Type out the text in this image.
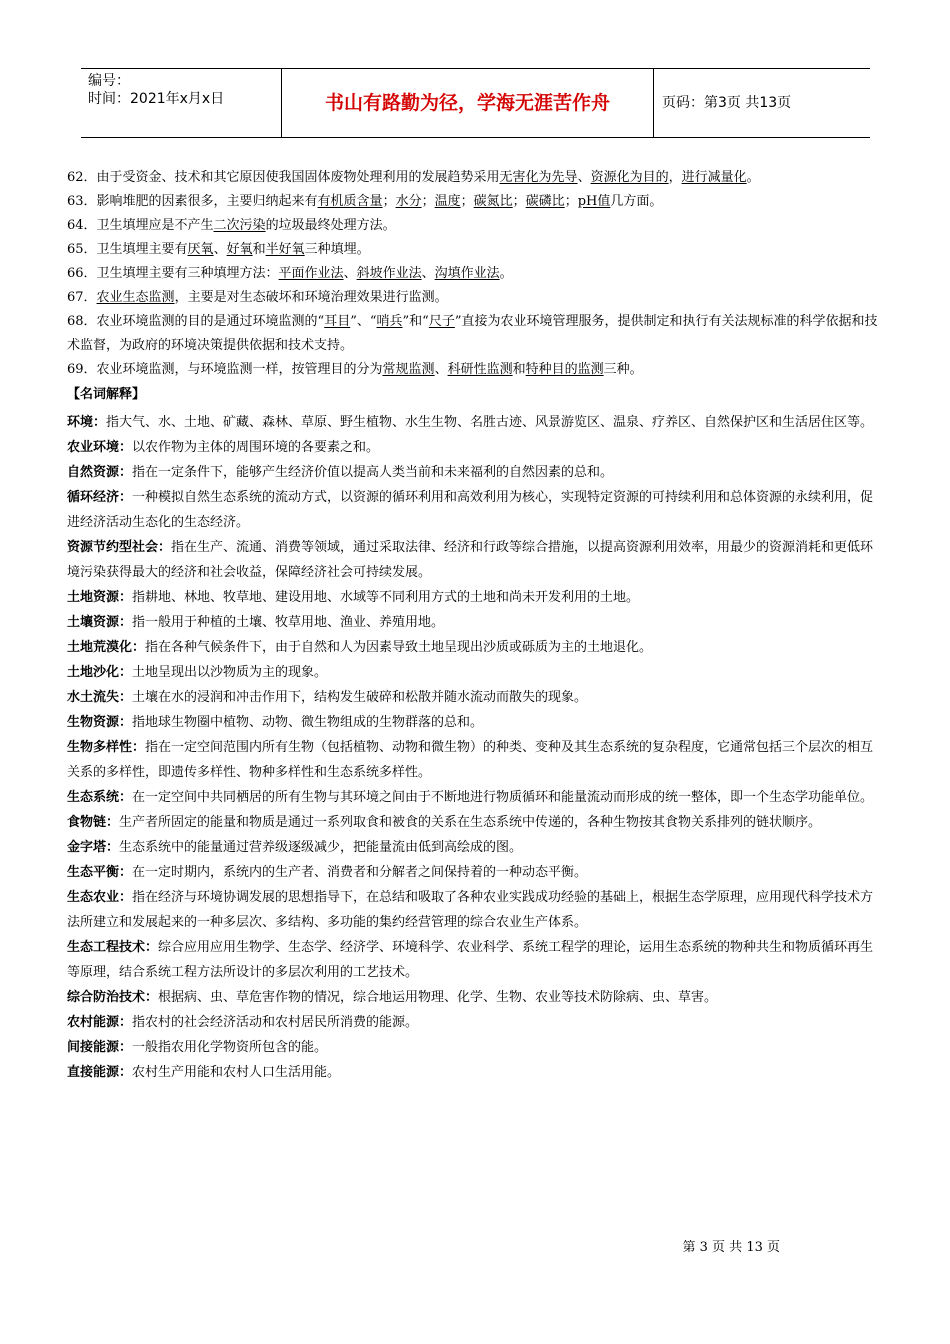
编号：
时间：2021年x月x日	书山有路勤为径，学海无涯苦作舟	页码：第3页 共13页

62．由于受资金、技术和其它原因使我国固体废物处理利用的发展趋势采用无害化为先导、资源化为目的，进行减量化。

63．影响堆肥的因素很多，主要归纳起来有有机质含量；水分；温度；碳氮比；碳磷比；pH值几方面。

64．卫生填埋应是不产生二次污染的垃圾最终处理方法。

65．卫生填埋主要有厌氧、好氧和半好氧三种填埋。

66．卫生填埋主要有三种填埋方法：平面作业法、斜坡作业法、沟填作业法。

67．农业生态监测，主要是对生态破坏和环境治理效果进行监测。

68．农业环境监测的目的是通过环境监测的“耳目”、“哨兵”和“尺子”直接为农业环境管理服务，提供制定和执行有关法规标准的科学依据和技术监督，为政府的环境决策提供依据和技术支持。

69．农业环境监测，与环境监测一样，按管理目的分为常规监测、科研性监测和特种目的监测三种。

【名词解释】

环境：指大气、水、土地、矿藏、森林、草原、野生植物、水生生物、名胜古迹、风景游览区、温泉、疗养区、自然保护区和生活居住区等。

农业环境：以农作物为主体的周围环境的各要素之和。

自然资源：指在一定条件下，能够产生经济价值以提高人类当前和未来福利的自然因素的总和。

循环经济：一种模拟自然生态系统的流动方式，以资源的循环利用和高效利用为核心，实现特定资源的可持续利用和总体资源的永续利用，促进经济活动生态化的生态经济。

资源节约型社会：指在生产、流通、消费等领域，通过采取法律、经济和行政等综合措施，以提高资源利用效率，用最少的资源消耗和更低环境污染获得最大的经济和社会收益，保障经济社会可持续发展。

土地资源：指耕地、林地、牧草地、建设用地、水域等不同利用方式的土地和尚未开发利用的土地。

土壤资源：指一般用于种植的土壤、牧草用地、渔业、养殖用地。

土地荒漠化：指在各种气候条件下，由于自然和人为因素导致土地呈现出沙质或砾质为主的土地退化。

土地沙化：土地呈现出以沙物质为主的现象。

水土流失：土壤在水的浸润和冲击作用下，结构发生破碎和松散并随水流动而散失的现象。

生物资源：指地球生物圈中植物、动物、微生物组成的生物群落的总和。

生物多样性：指在一定空间范围内所有生物（包括植物、动物和微生物）的种类、变种及其生态系统的复杂程度，它通常包括三个层次的相互关系的多样性，即遗传多样性、物种多样性和生态系统多样性。

生态系统：在一定空间中共同栖居的所有生物与其环境之间由于不断地进行物质循环和能量流动而形成的统一整体，即一个生态学功能单位。

食物链：生产者所固定的能量和物质是通过一系列取食和被食的关系在生态系统中传递的，各种生物按其食物关系排列的链状顺序。

金字塔：生态系统中的能量通过营养级逐级减少，把能量流由低到高绘成的图。

生态平衡：在一定时期内，系统内的生产者、消费者和分解者之间保持着的一种动态平衡。

生态农业：指在经济与环境协调发展的思想指导下，在总结和吸取了各种农业实践成功经验的基础上，根据生态学原理，应用现代科学技术方法所建立和发展起来的一种多层次、多结构、多功能的集约经营管理的综合农业生产体系。

生态工程技术：综合应用应用生物学、生态学、经济学、环境科学、农业科学、系统工程学的理论，运用生态系统的物种共生和物质循环再生等原理，结合系统工程方法所设计的多层次利用的工艺技术。

综合防治技术：根据病、虫、草危害作物的情况，综合地运用物理、化学、生物、农业等技术防除病、虫、草害。

农村能源：指农村的社会经济活动和农村居民所消费的能源。

间接能源：一般指农用化学物资所包含的能。

直接能源：农村生产用能和农村人口生活用能。

第 3 页 共 13 页
